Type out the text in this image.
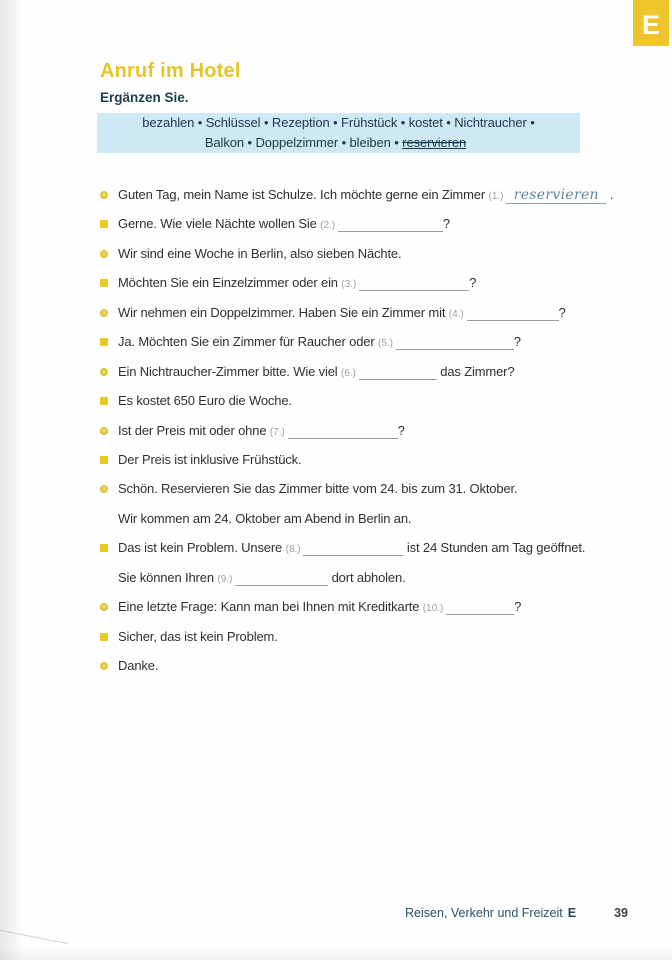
E
Anruf im Hotel
Ergänzen Sie.
bezahlen • Schlüssel • Rezeption • Frühstück • kostet • Nichtraucher •
Balkon • Doppelzimmer • bleiben • reservieren
Guten Tag, mein Name ist Schulze. Ich möchte gerne ein Zimmer (1.) reservieren .
Gerne. Wie viele Nächte wollen Sie (2.)	?
Wir sind eine Woche in Berlin, also sieben Nächte.
Möchten Sie ein Einzelzimmer oder ein (3.)	?
Wir nehmen ein Doppelzimmer. Haben Sie ein Zimmer mit (4.)	?
Ja. Möchten Sie ein Zimmer für Raucher oder (5.)	?
Ein Nichtraucher-Zimmer bitte. Wie viel (6.)	das Zimmer?
Es kostet 650 Euro die Woche.
Ist der Preis mit oder ohne (7.)	?
Der Preis ist inklusive Frühstück.
Schön. Reservieren Sie das Zimmer bitte vom 24. bis zum 31. Oktober.
Wir kommen am 24. Oktober am Abend in Berlin an.
Das ist kein Problem. Unsere (8.)	ist 24 Stunden am Tag geöffnet.
Sie können Ihren (9.)	dort abholen.
Eine letzte Frage: Kann man bei Ihnen mit Kreditkarte (10.)	?
Sicher, das ist kein Problem.
Danke.
Reisen, Verkehr und Freizeit E	39
